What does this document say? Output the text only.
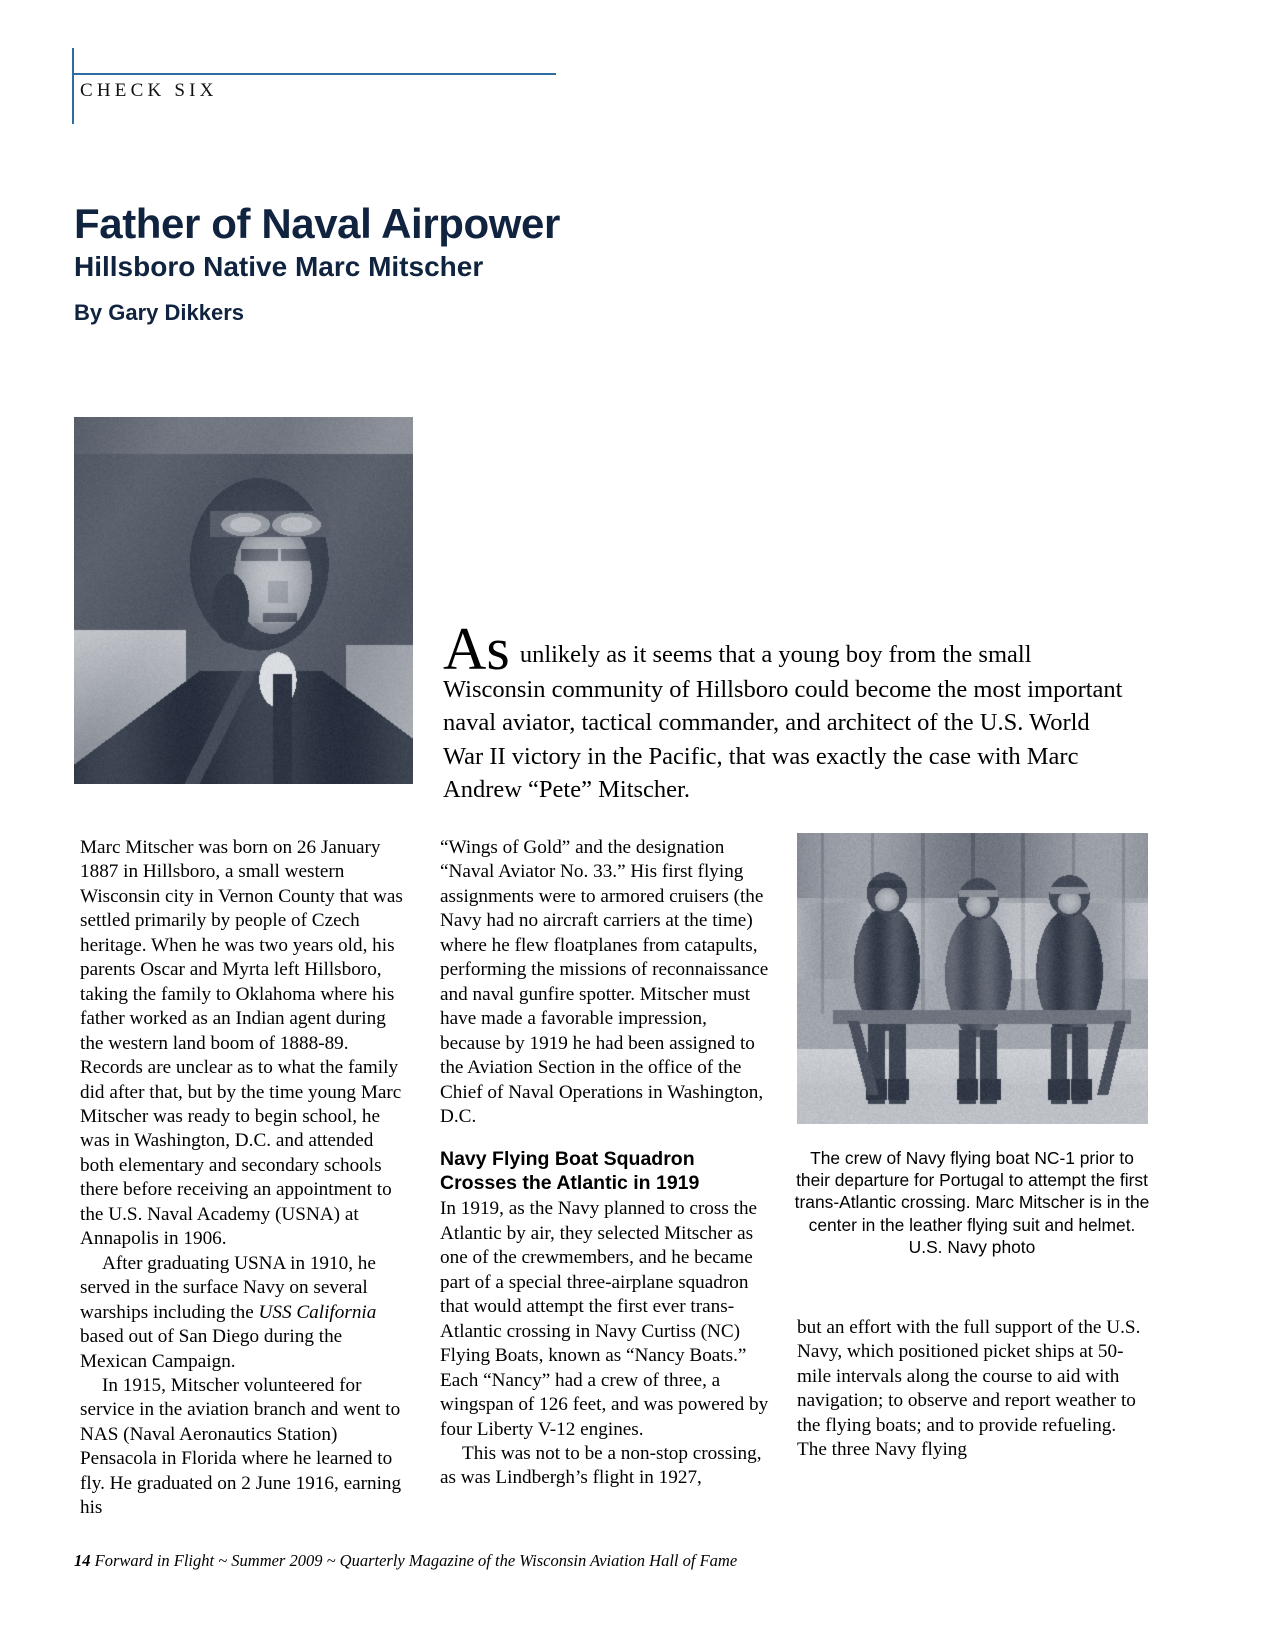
CHECK SIX
Father of Naval Airpower
Hillsboro Native Marc Mitscher
By Gary Dikkers

As unlikely as it seems that a young boy from the small Wisconsin community of Hillsboro could become the most important naval aviator, tactical commander, and architect of the U.S. World War II victory in the Pacific, that was exactly the case with Marc Andrew “Pete” Mitscher.

Marc Mitscher was born on 26 January 1887 in Hillsboro, a small western Wisconsin city in Vernon County that was settled primarily by people of Czech heritage. When he was two years old, his parents Oscar and Myrta left Hillsboro, taking the family to Oklahoma where his father worked as an Indian agent during the western land boom of 1888-89. Records are unclear as to what the family did after that, but by the time young Marc Mitscher was ready to begin school, he was in Washington, D.C. and attended both elementary and secondary schools there before receiving an appointment to the U.S. Naval Academy (USNA) at Annapolis in 1906.

After graduating USNA in 1910, he served in the surface Navy on several warships including the USS California based out of San Diego during the Mexican Campaign.

In 1915, Mitscher volunteered for service in the aviation branch and went to NAS (Naval Aeronautics Station) Pensacola in Florida where he learned to fly. He graduated on 2 June 1916, earning his

“Wings of Gold” and the designation “Naval Aviator No. 33.” His first flying assignments were to armored cruisers (the Navy had no aircraft carriers at the time) where he flew floatplanes from catapults, performing the missions of reconnaissance and naval gunfire spotter. Mitscher must have made a favorable impression, because by 1919 he had been assigned to the Aviation Section in the office of the Chief of Naval Operations in Washington, D.C.

Navy Flying Boat Squadron Crosses the Atlantic in 1919

In 1919, as the Navy planned to cross the Atlantic by air, they selected Mitscher as one of the crewmembers, and he became part of a special three-airplane squadron that would attempt the first ever trans-Atlantic crossing in Navy Curtiss (NC) Flying Boats, known as “Nancy Boats.” Each “Nancy” had a crew of three, a wingspan of 126 feet, and was powered by four Liberty V-12 engines.

This was not to be a non-stop crossing, as was Lindbergh’s flight in 1927,

The crew of Navy flying boat NC-1 prior to their departure for Portugal to attempt the first trans-Atlantic crossing. Marc Mitscher is in the center in the leather flying suit and helmet. U.S. Navy photo

but an effort with the full support of the U.S. Navy, which positioned picket ships at 50-mile intervals along the course to aid with navigation; to observe and report weather to the flying boats; and to provide refueling. The three Navy flying

14 Forward in Flight ~ Summer 2009 ~ Quarterly Magazine of the Wisconsin Aviation Hall of Fame
